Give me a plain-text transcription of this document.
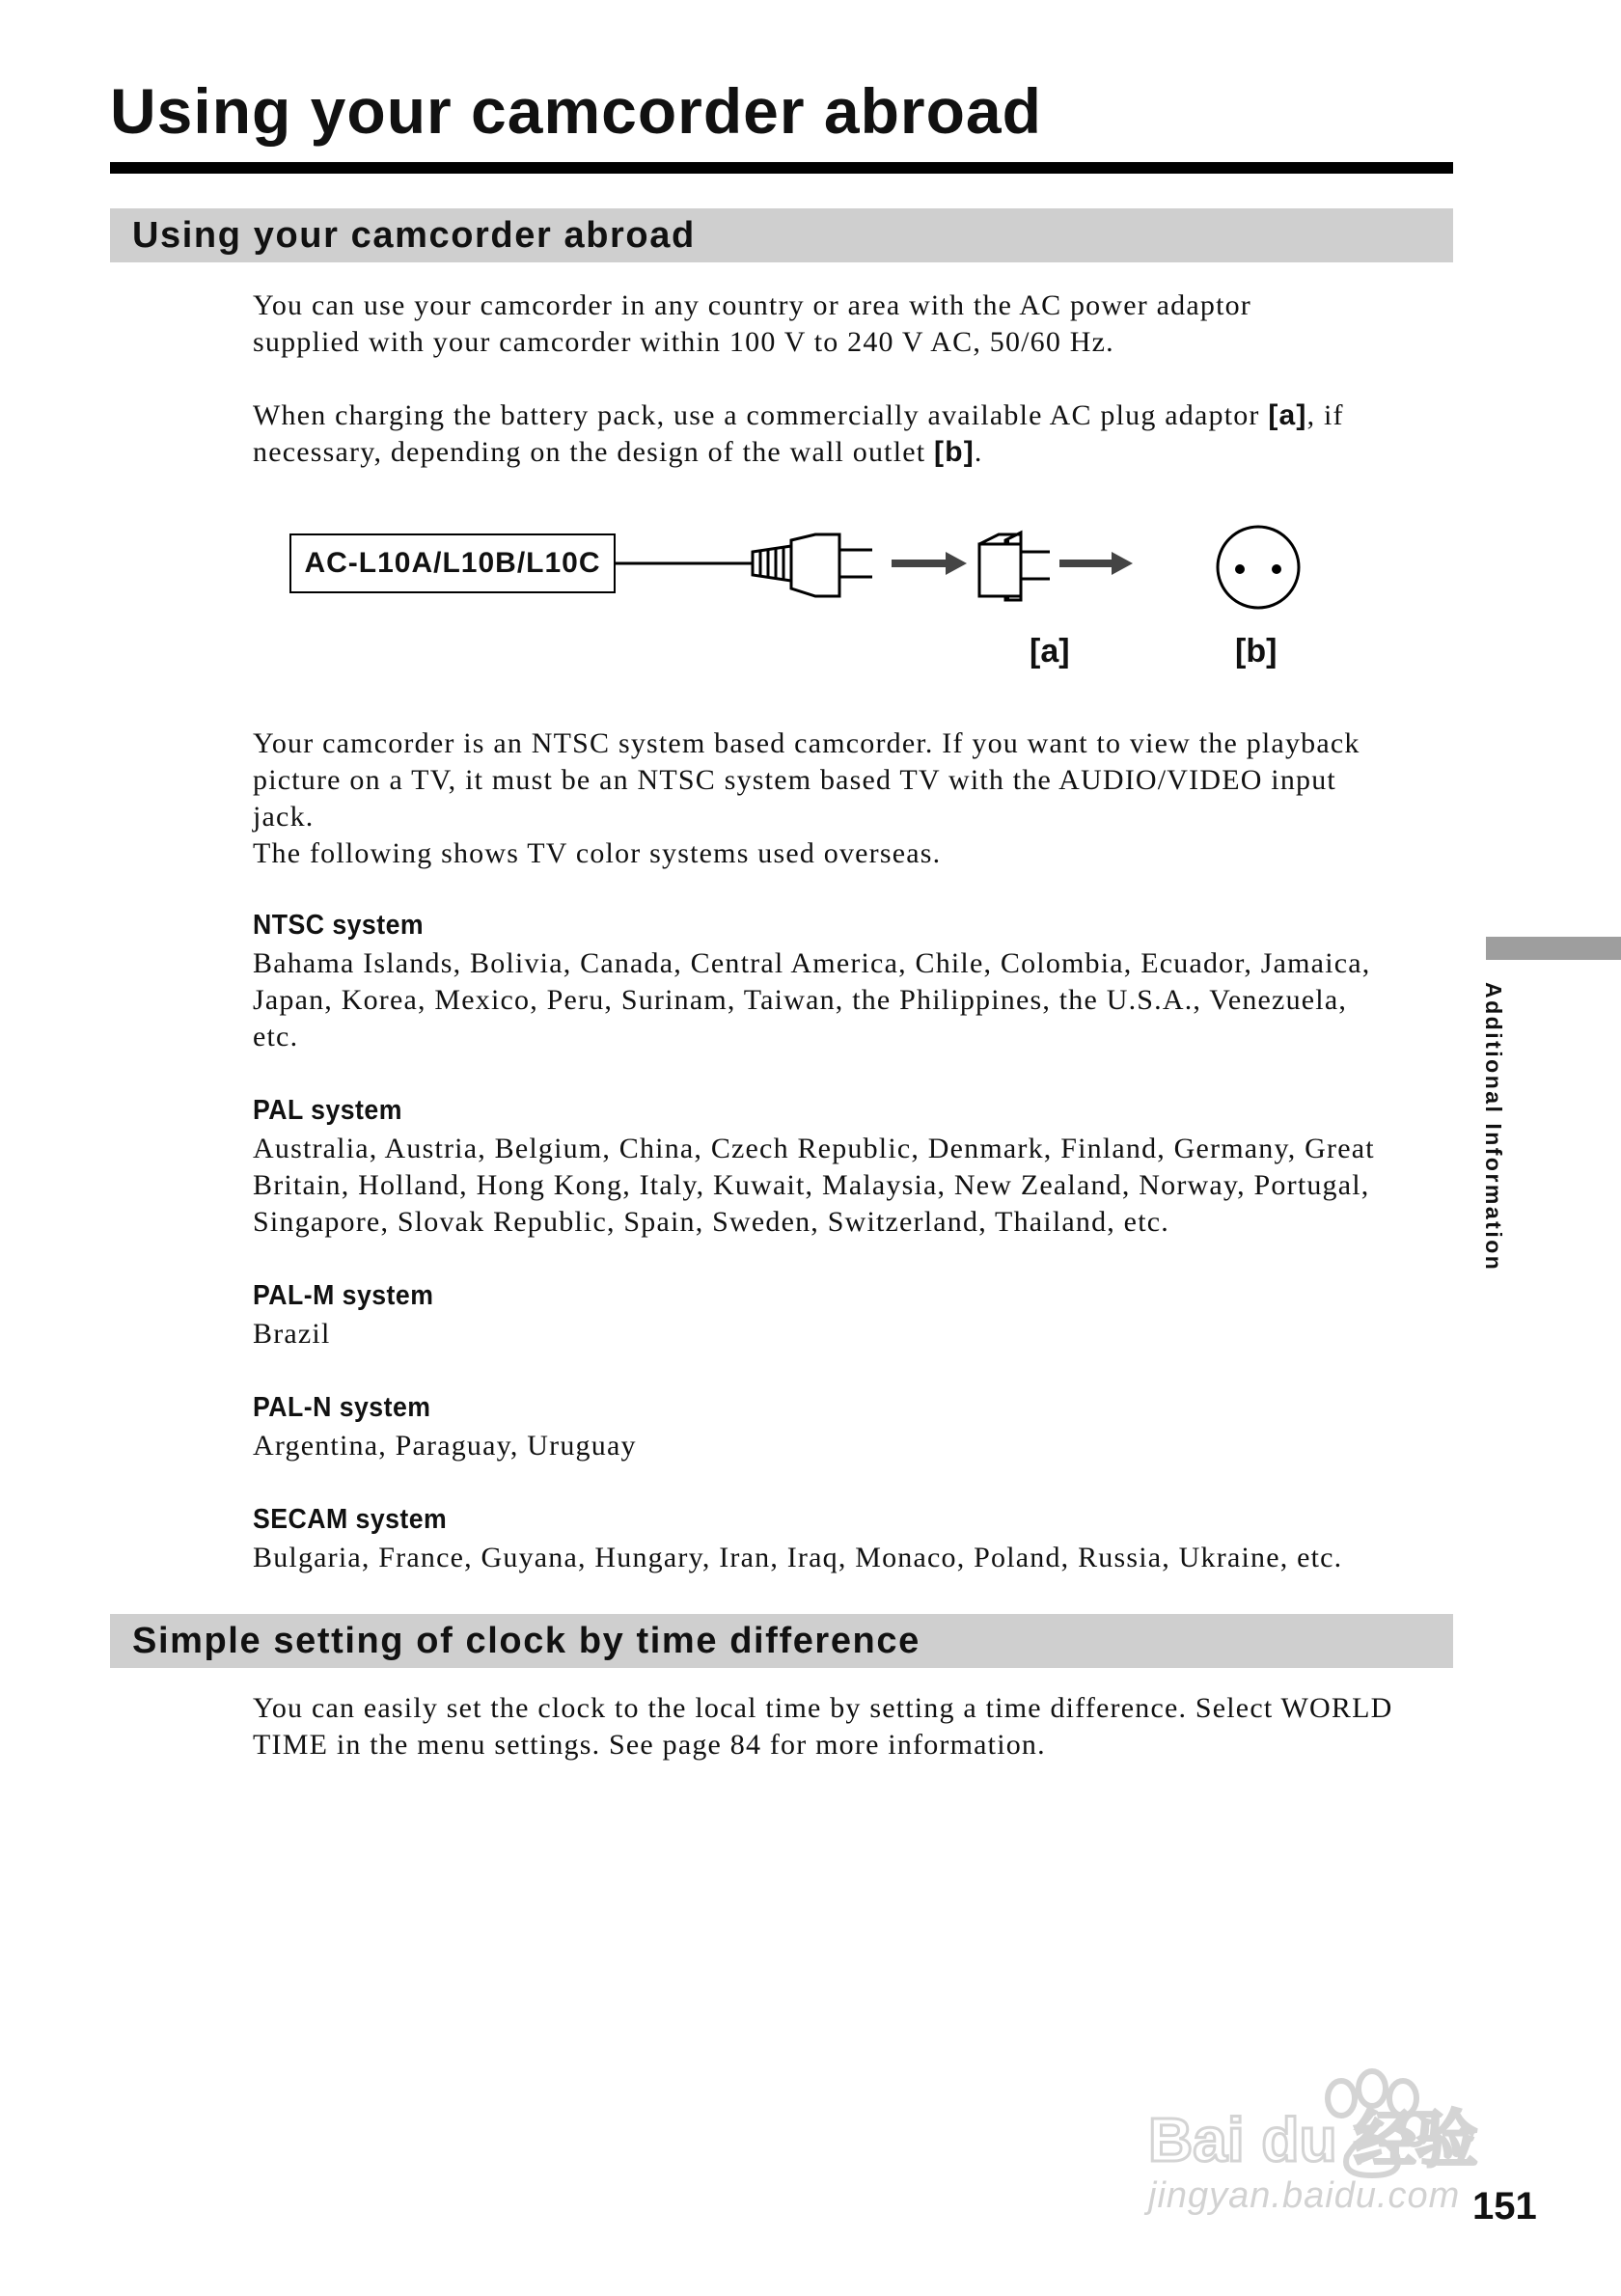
Using your camcorder abroad
Using your camcorder abroad

You can use your camcorder in any country or area with the AC power adaptor
supplied with your camcorder within 100 V to 240 V AC, 50/60 Hz.

When charging the battery pack, use a commercially available AC plug adaptor [a], if
necessary, depending on the design of the wall outlet [b].

AC-L10A/L10B/L10C
[a]	[b]

Your camcorder is an NTSC system based camcorder. If you want to view the playback
picture on a TV, it must be an NTSC system based TV with the AUDIO/VIDEO input
jack.
The following shows TV color systems used overseas.

NTSC system

Bahama Islands, Bolivia, Canada, Central America, Chile, Colombia, Ecuador, Jamaica,
Japan, Korea, Mexico, Peru, Surinam, Taiwan, the Philippines, the U.S.A., Venezuela,
etc.

PAL system

Australia, Austria, Belgium, China, Czech Republic, Denmark, Finland, Germany, Great
Britain, Holland, Hong Kong, Italy, Kuwait, Malaysia, New Zealand, Norway, Portugal,
Singapore, Slovak Republic, Spain, Sweden, Switzerland, Thailand, etc.

PAL-M system

Brazil

PAL-N system

Argentina, Paraguay, Uruguay

SECAM system

Bulgaria, France, Guyana, Hungary, Iran, Iraq, Monaco, Poland, Russia, Ukraine, etc.

Simple setting of clock by time difference

You can easily set the clock to the local time by setting a time difference. Select WORLD
TIME in the menu settings. See page 84 for more information.

Additional Information
Bai du 经验
jingyan.baidu.com 151
